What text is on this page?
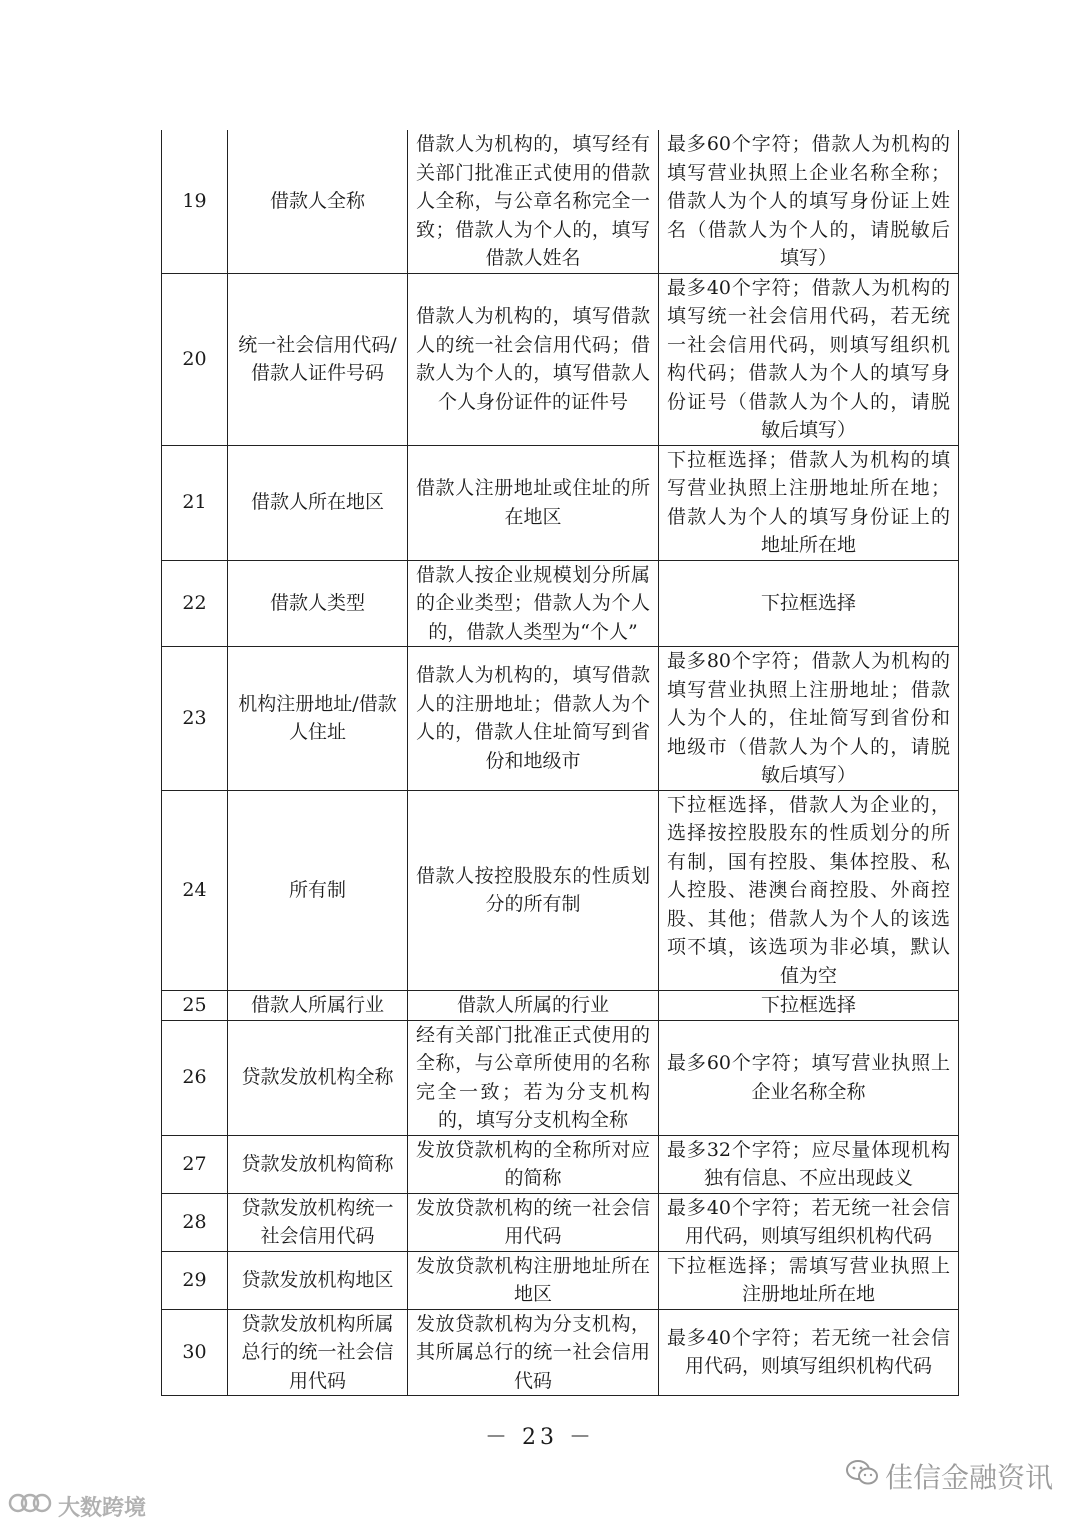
19	借款人全称	借款人为机构的，填写经有关部门批准正式使用的借款人全称，与公章名称完全一致；借款人为个人的，填写借款人姓名	最多60个字符；借款人为机构的填写营业执照上企业名称全称；借款人为个人的填写身份证上姓名（借款人为个人的，请脱敏后填写）
20	统一社会信用代码/借款人证件号码	借款人为机构的，填写借款人的统一社会信用代码；借款人为个人的，填写借款人个人身份证件的证件号	最多40个字符；借款人为机构的填写统一社会信用代码，若无统一社会信用代码，则填写组织机构代码；借款人为个人的填写身份证号（借款人为个人的，请脱敏后填写）
21	借款人所在地区	借款人注册地址或住址的所在地区	下拉框选择；借款人为机构的填写营业执照上注册地址所在地；借款人为个人的填写身份证上的地址所在地
22	借款人类型	借款人按企业规模划分所属的企业类型；借款人为个人的，借款人类型为“个人”	下拉框选择
23	机构注册地址/借款人住址	借款人为机构的，填写借款人的注册地址；借款人为个人的，借款人住址简写到省份和地级市	最多80个字符；借款人为机构的填写营业执照上注册地址；借款人为个人的，住址简写到省份和地级市（借款人为个人的，请脱敏后填写）
24	所有制	借款人按控股股东的性质划分的所有制	下拉框选择，借款人为企业的，选择按控股股东的性质划分的所有制，国有控股、集体控股、私人控股、港澳台商控股、外商控股、其他；借款人为个人的该选项不填，该选项为非必填，默认值为空
25	借款人所属行业	借款人所属的行业	下拉框选择
26	贷款发放机构全称	经有关部门批准正式使用的全称，与公章所使用的名称完全一致；若为分支机构的，填写分支机构全称	最多60个字符；填写营业执照上企业名称全称
27	贷款发放机构简称	发放贷款机构的全称所对应的简称	最多32个字符；应尽量体现机构独有信息、不应出现歧义
28	贷款发放机构统一社会信用代码	发放贷款机构的统一社会信用代码	最多40个字符；若无统一社会信用代码，则填写组织机构代码
29	贷款发放机构地区	发放贷款机构注册地址所在地区	下拉框选择；需填写营业执照上注册地址所在地
30	贷款发放机构所属总行的统一社会信用代码	发放贷款机构为分支机构，其所属总行的统一社会信用代码	最多40个字符；若无统一社会信用代码，则填写组织机构代码
－ 23 －
佳信金融资讯
大数跨境
